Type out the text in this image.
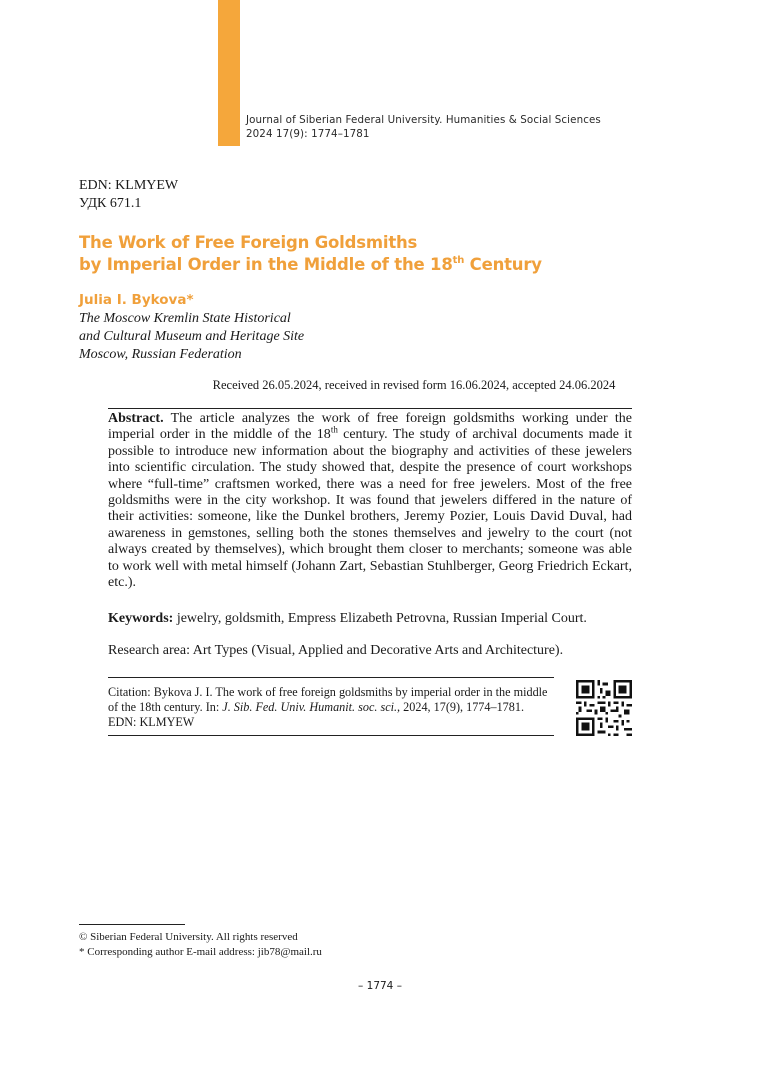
Journal of Siberian Federal University. Humanities & Social Sciences
2024 17(9): 1774–1781
EDN: KLMYEW
УДК 671.1
The Work of Free Foreign Goldsmiths
by Imperial Order in the Middle of the 18th Century
Julia I. Bykova*
The Moscow Kremlin State Historical
and Cultural Museum and Heritage Site
Moscow, Russian Federation
Received 26.05.2024, received in revised form 16.06.2024, accepted 24.06.2024
Abstract. The article analyzes the work of free foreign goldsmiths working under the imperial order in the middle of the 18th century. The study of archival documents made it possible to introduce new information about the biography and activities of these jewelers into scientific circulation. The study showed that, despite the presence of court workshops where “full-time” craftsmen worked, there was a need for free jewelers. Most of the free goldsmiths were in the city workshop. It was found that jewelers differed in the nature of their activities: someone, like the Dunkel brothers, Jeremy Pozier, Louis David Duval, had awareness in gemstones, selling both the stones themselves and jewelry to the court (not always created by themselves), which brought them closer to merchants; someone was able to work well with metal himself (Johann Zart, Sebastian Stuhlberger, Georg Friedrich Eckart, etc.).
Keywords: jewelry, goldsmith, Empress Elizabeth Petrovna, Russian Imperial Court.
Research area: Art Types (Visual, Applied and Decorative Arts and Architecture).
Citation: Bykova J. I. The work of free foreign goldsmiths by imperial order in the middle of the 18th century. In: J. Sib. Fed. Univ. Humanit. soc. sci., 2024, 17(9), 1774–1781.
EDN: KLMYEW
© Siberian Federal University. All rights reserved
* Corresponding author E-mail address: jib78@mail.ru
– 1774 –
